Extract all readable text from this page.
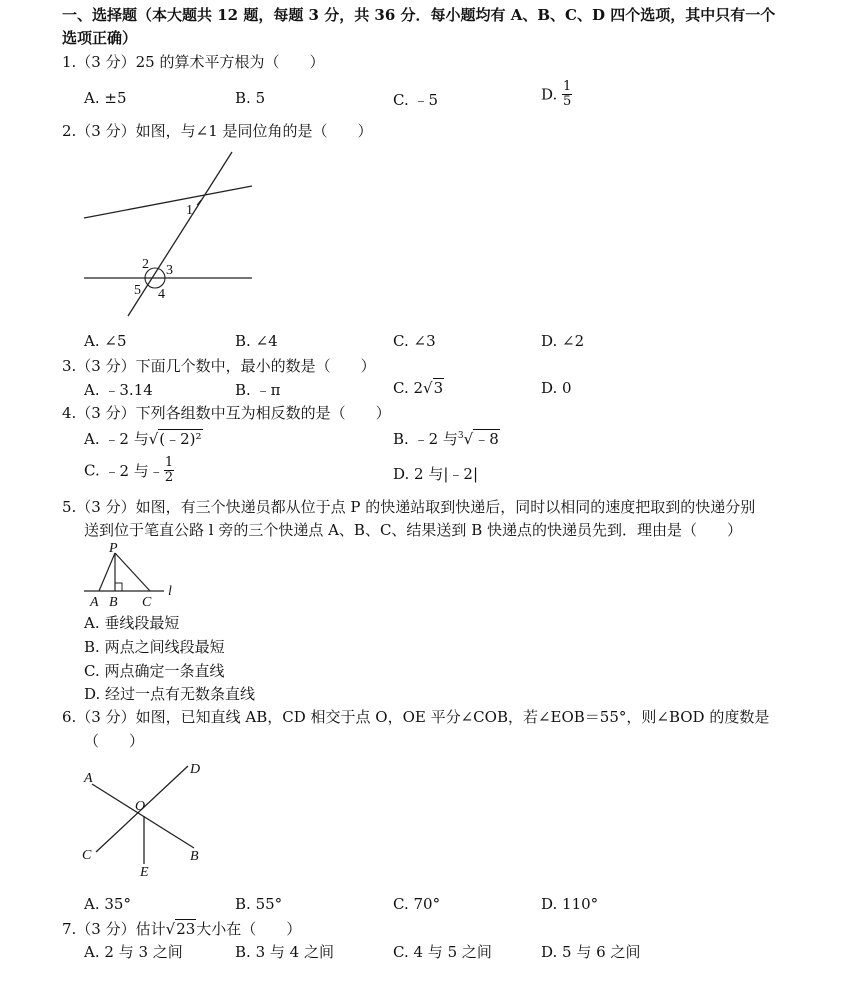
一、选择题（本大题共 12 题，每题 3 分，共 36 分．每小题均有 A、B、C、D 四个选项，其中只有一个
选项正确）
1.（3 分）25 的算术平方根为（　　）
A. ±5	B. 5	C. ﹣5	D. $\frac{1}{5}$
2.（3 分）如图，与∠1 是同位角的是（　　）
1
2 3
5 4
A. ∠5	B. ∠4	C. ∠3	D. ∠2
3.（3 分）下面几个数中，最小的数是（　　）
A. ﹣3.14	B. ﹣π	C. 2√3	D. 0
4.（3 分）下列各组数中互为相反数的是（　　）
A. ﹣2 与√(﹣2)²	B. ﹣2 与$^3$√﹣8
C. ﹣2 与﹣ $\frac{1}{2}$	D. 2 与|﹣2|
5.（3 分）如图，有三个快递员都从位于点 P 的快递站取到快递后，同时以相同的速度把取到的快递分别
送到位于笔直公路 l 旁的三个快递点 A、B、C、结果送到 B 快递点的快递员先到．理由是（　　）
P
A B C
l
A. 垂线段最短
B. 两点之间线段最短
C. 两点确定一条直线
D. 经过一点有无数条直线
6.（3 分）如图，已知直线 AB，CD 相交于点 O，OE 平分∠COB，若∠EOB＝55°，则∠BOD 的度数是
（　　）
A
D
O
C	B
E
A. 35°	B. 55°	C. 70°	D. 110°
7.（3 分）估计√23大小在（　　）
A. 2 与 3 之间	B. 3 与 4 之间	C. 4 与 5 之间	D. 5 与 6 之间
